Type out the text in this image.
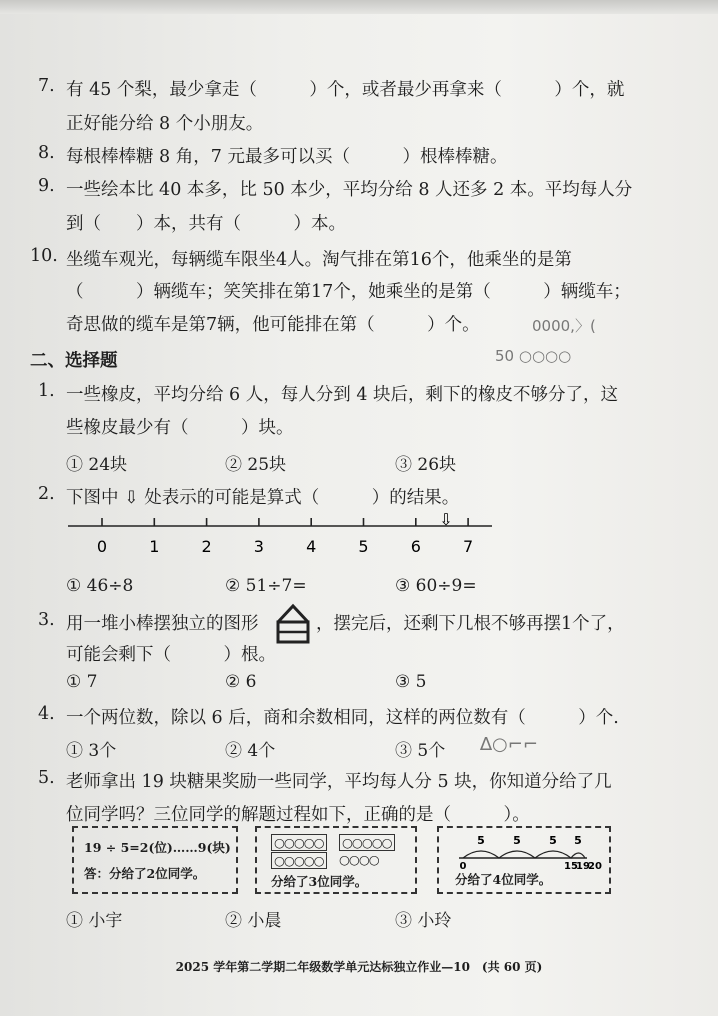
7. 有 45 个梨，最少拿走（　　　）个，或者最少再拿来（　　　）个，就
正好能分给 8 个小朋友。
8. 每根棒棒糖 8 角，7 元最多可以买（　　　）根棒棒糖。
9. 一些绘本比 40 本多，比 50 本少，平均分给 8 人还多 2 本。平均每人分
到（　　）本，共有（　　　）本。
10. 坐缆车观光，每辆缆车限坐4人。淘气排在第16个，他乘坐的是第
（　　　）辆缆车；笑笑排在第17个，她乘坐的是第（　　　）辆缆车；
奇思做的缆车是第7辆，他可能排在第（　　　）个。	0000,〉(
二、选择题	50 ○○○○
1. 一些橡皮，平均分给 6 人，每人分到 4 块后，剩下的橡皮不够分了，这
些橡皮最少有（　　　）块。
① 24块	② 25块	③ 26块
2. 下图中 ⇩ 处表示的可能是算式（　　　）的结果。
0	1	2	3	4	5	6	7
⇩
① 46÷8	② 51÷7=	③ 60÷9=
3. 用一堆小棒摆独立的图形	，摆完后，还剩下几根不够再摆1个了，
可能会剩下（　　　）根。
① 7	② 6	③ 5
4. 一个两位数，除以 6 后，商和余数相同，这样的两位数有（　　　）个.
① 3个	② 4个	③ 5个 ∆○⌐⌐
5. 老师拿出 19 块糖果奖励一些同学，平均每人分 5 块，你知道分给了几
位同学吗？三位同学的解题过程如下，正确的是（　　　）。
19 ÷ 5=2(位)……9(块)
答：分给了2位同学。
○○○○○ ○○○○○
○○○○○ ○○○○
分给了3位同学。
5	5	5 5
0	15
19
20
分给了4位同学。
① 小宇	② 小晨	③ 小玲
2025 学年第二学期二年级数学单元达标独立作业—10　(共 60 页)
